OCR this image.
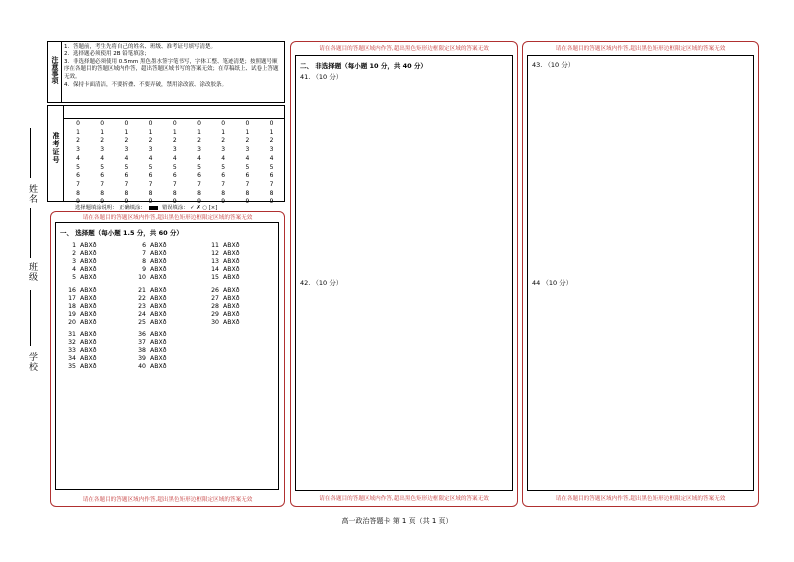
姓名
班级
学校
注意事项
1．答题前，考生先将自己的姓名、班级、准考证号填写清楚。
2．选择题必须使用 2B 铅笔填涂；
3．非选择题必须使用 0.5mm 黑色墨水签字笔书写，字体工整、笔迹清楚；按照题号顺序在各题目的答题区域内作答，超出答题区域书写的答案无效；在草稿纸上、试卷上答题无效。
4．保持卡面清洁，不要折叠、不要弄破，禁用涂改液、涂改胶条。
准考证号
0
1
2
3
4
5
6
7
8
9
0
1
2
3
4
5
6
7
8
9
0
1
2
3
4
5
6
7
8
9
0
1
2
3
4
5
6
7
8
9
0
1
2
3
4
5
6
7
8
9
0
1
2
3
4
5
6
7
8
9
0
1
2
3
4
5
6
7
8
9
0
1
2
3
4
5
6
7
8
9
0
1
2
3
4
5
6
7
8
9
选择题填涂说明： 正确填涂：	错误填涂： ✓ ✗ ○ [×]
请在各题目的答题区域内作答,超出黑色矩形边框限定区域的答案无效
一、 选择题（每小题 1.5 分，共 60 分）
1 ABXð
2 ABXð
3 ABXð
4 ABXð
5 ABXð
6 ABXð
7 ABXð
8 ABXð
9 ABXð
10 ABXð
11 ABXð
12 ABXð
13 ABXð
14 ABXð
15 ABXð
16 ABXð
17 ABXð
18 ABXð
19 ABXð
20 ABXð
21 ABXð
22 ABXð
23 ABXð
24 ABXð
25 ABXð
26 ABXð
27 ABXð
28 ABXð
29 ABXð
30 ABXð
31 ABXð
32 ABXð
33 ABXð
34 ABXð
35 ABXð
36 ABXð
37 ABXð
38 ABXð
39 ABXð
40 ABXð
请在各题目的答题区域内作答,超出黑色矩形边框限定区域的答案无效
请在各题目的答题区域内作答,超出黑色矩形边框限定区域的答案无效
二、 非选择题（每小题 10 分，共 40 分）
41. （10 分）
42. （10 分）
请在各题目的答题区域内作答,超出黑色矩形边框限定区域的答案无效
请在各题目的答题区域内作答,超出黑色矩形边框限定区域的答案无效
43. （10 分）
44 （10 分）
请在各题目的答题区域内作答,超出黑色矩形边框限定区域的答案无效
高一政治答题卡 第 1 页（共 1 页）
